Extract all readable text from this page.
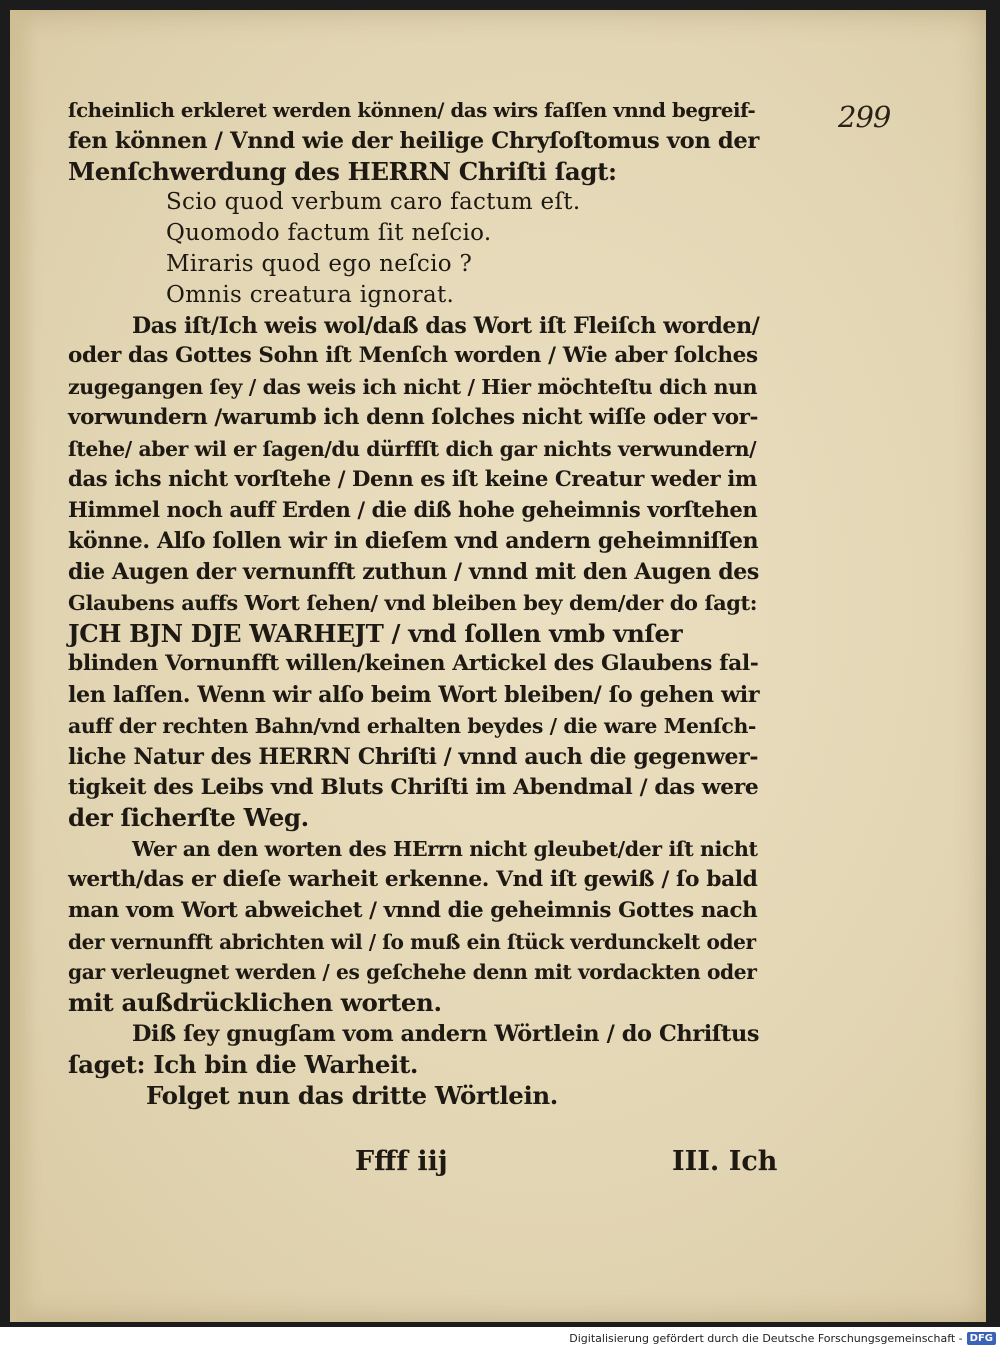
299
ſcheinlich erkleret werden können/ das wirs faſſen vnnd begreif-
fen können / Vnnd wie der heilige Chryſoſtomus von der
Menſchwerdung des HERRN Chriſti ſagt:
Scio quod verbum caro factum eſt.
Quomodo factum ſit neſcio.
Miraris quod ego neſcio ?
Omnis creatura ignorat.
Das iſt/Ich weis wol/daß das Wort iſt Fleiſch worden/
oder das Gottes Sohn iſt Menſch worden / Wie aber ſolches
zugegangen ſey / das weis ich nicht / Hier möchteſtu dich nun
vorwundern /warumb ich denn ſolches nicht wiſſe oder vor-
ſtehe/ aber wil er ſagen/du dürffſt dich gar nichts verwundern/
das ichs nicht vorſtehe / Denn es iſt keine Creatur weder im
Himmel noch auff Erden / die diß hohe geheimnis vorſtehen
könne. Alſo ſollen wir in dieſem vnd andern geheimniſſen
die Augen der vernunfft zuthun / vnnd mit den Augen des
Glaubens auffs Wort ſehen/ vnd bleiben bey dem/der do ſagt:
JCH BJN DJE WARHEJT / vnd ſollen vmb vnſer
blinden Vornunfft willen/keinen Artickel des Glaubens fal-
len laſſen. Wenn wir alſo beim Wort bleiben/ ſo gehen wir
auff der rechten Bahn/vnd erhalten beydes / die ware Menſch-
liche Natur des HERRN Chriſti / vnnd auch die gegenwer-
tigkeit des Leibs vnd Bluts Chriſti im Abendmal / das were
der ſicherſte Weg.
Wer an den worten des HErrn nicht gleubet/der iſt nicht
werth/das er dieſe warheit erkenne. Vnd iſt gewiß / ſo bald
man vom Wort abweichet / vnnd die geheimnis Gottes nach
der vernunfft abrichten wil / ſo muß ein ſtück verdunckelt oder
gar verleugnet werden / es geſchehe denn mit vordackten oder
mit außdrücklichen worten.
Diß ſey gnugſam vom andern Wörtlein / do Chriſtus
ſaget: Ich bin die Warheit.
Folget nun das dritte Wörtlein.
Ffff iij	III. Ich
Digitalisierung gefördert durch die Deutsche Forschungsgemeinschaft - DFG
